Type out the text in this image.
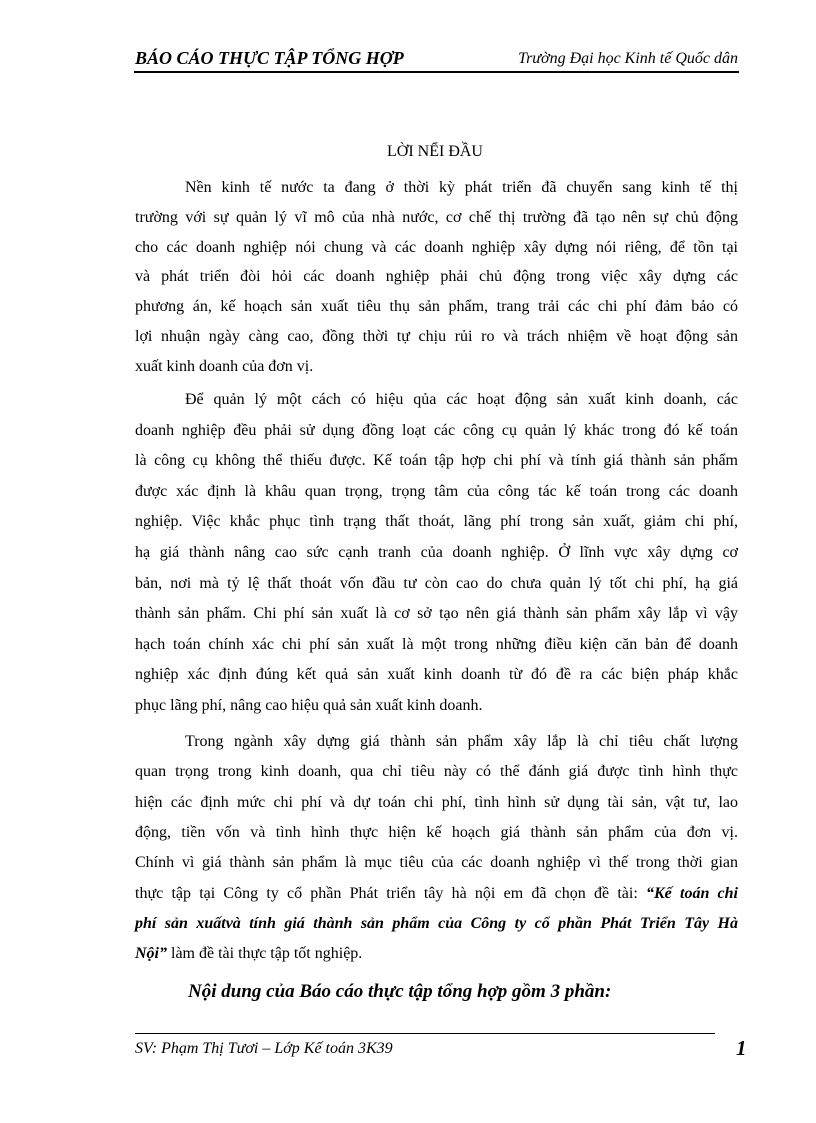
BÁO CÁO THỰC TẬP TỔNG HỢP	Trường Đại học Kinh tế Quốc dân
LỜI NỂI ĐẦU
Nền kinh tế nước ta đang ở thời kỳ phát triển đã chuyển sang kinh tế thị
trường với sự quản lý vĩ mô của nhà nước, cơ chế thị trường đã tạo nên sự chủ động
cho các doanh nghiệp nói chung và các doanh nghiệp xây dựng nói riêng, để tồn tại
và phát triển đòi hỏi các doanh nghiệp phải chủ động trong việc xây dựng các
phương án, kế hoạch sản xuất tiêu thụ sản phẩm, trang trải các chi phí đảm bảo có
lợi nhuận ngày càng cao, đồng thời tự chịu rủi ro và trách nhiệm về hoạt động sản
xuất kinh doanh của đơn vị.
Để quản lý một cách có hiệu qủa các hoạt động sản xuất kinh doanh, các
doanh nghiệp đều phải sử dụng đồng loạt các công cụ quản lý khác trong đó kế toán
là công cụ không thể thiếu được. Kế toán tập hợp chi phí và tính giá thành sản phẩm
được xác định là khâu quan trọng, trọng tâm của công tác kế toán trong các doanh
nghiệp. Việc khắc phục tình trạng thất thoát, lãng phí trong sản xuất, giảm chi phí,
hạ giá thành nâng cao sức cạnh tranh của doanh nghiệp. Ở lĩnh vực xây dựng cơ
bản, nơi mà tỷ lệ thất thoát vốn đầu tư còn cao do chưa quản lý tốt chi phí, hạ giá
thành sản phẩm. Chi phí sản xuất là cơ sở tạo nên giá thành sản phẩm xây lắp vì vậy
hạch toán chính xác chi phí sản xuất là một trong những điều kiện căn bản để doanh
nghiệp xác định đúng kết quả sản xuất kinh doanh từ đó đề ra các biện pháp khắc
phục lãng phí, nâng cao hiệu quả sản xuất kinh doanh.
Trong ngành xây dựng giá thành sản phẩm xây lắp là chỉ tiêu chất lượng
quan trọng trong kinh doanh, qua chỉ tiêu này có thể đánh giá được tình hình thực
hiện các định mức chi phí và dự toán chi phí, tình hình sử dụng tài sản, vật tư, lao
động, tiền vốn và tình hình thực hiện kế hoạch giá thành sản phẩm của đơn vị.
Chính vì giá thành sản phẩm là mục tiêu của các doanh nghiệp vì thế trong thời gian
thực tập tại Công ty cổ phần Phát triển tây hà nội em đã chọn đề tài: “Kế toán chi
phí sản xuấtvà tính giá thành sản phẩm của Công ty cổ phần Phát Triển Tây Hà
Nội” làm đề tài thực tập tốt nghiệp.
Nội dung của Báo cáo thực tập tổng hợp gồm 3 phần:
SV: Phạm Thị Tươi – Lớp Kế toán 3K39	1
